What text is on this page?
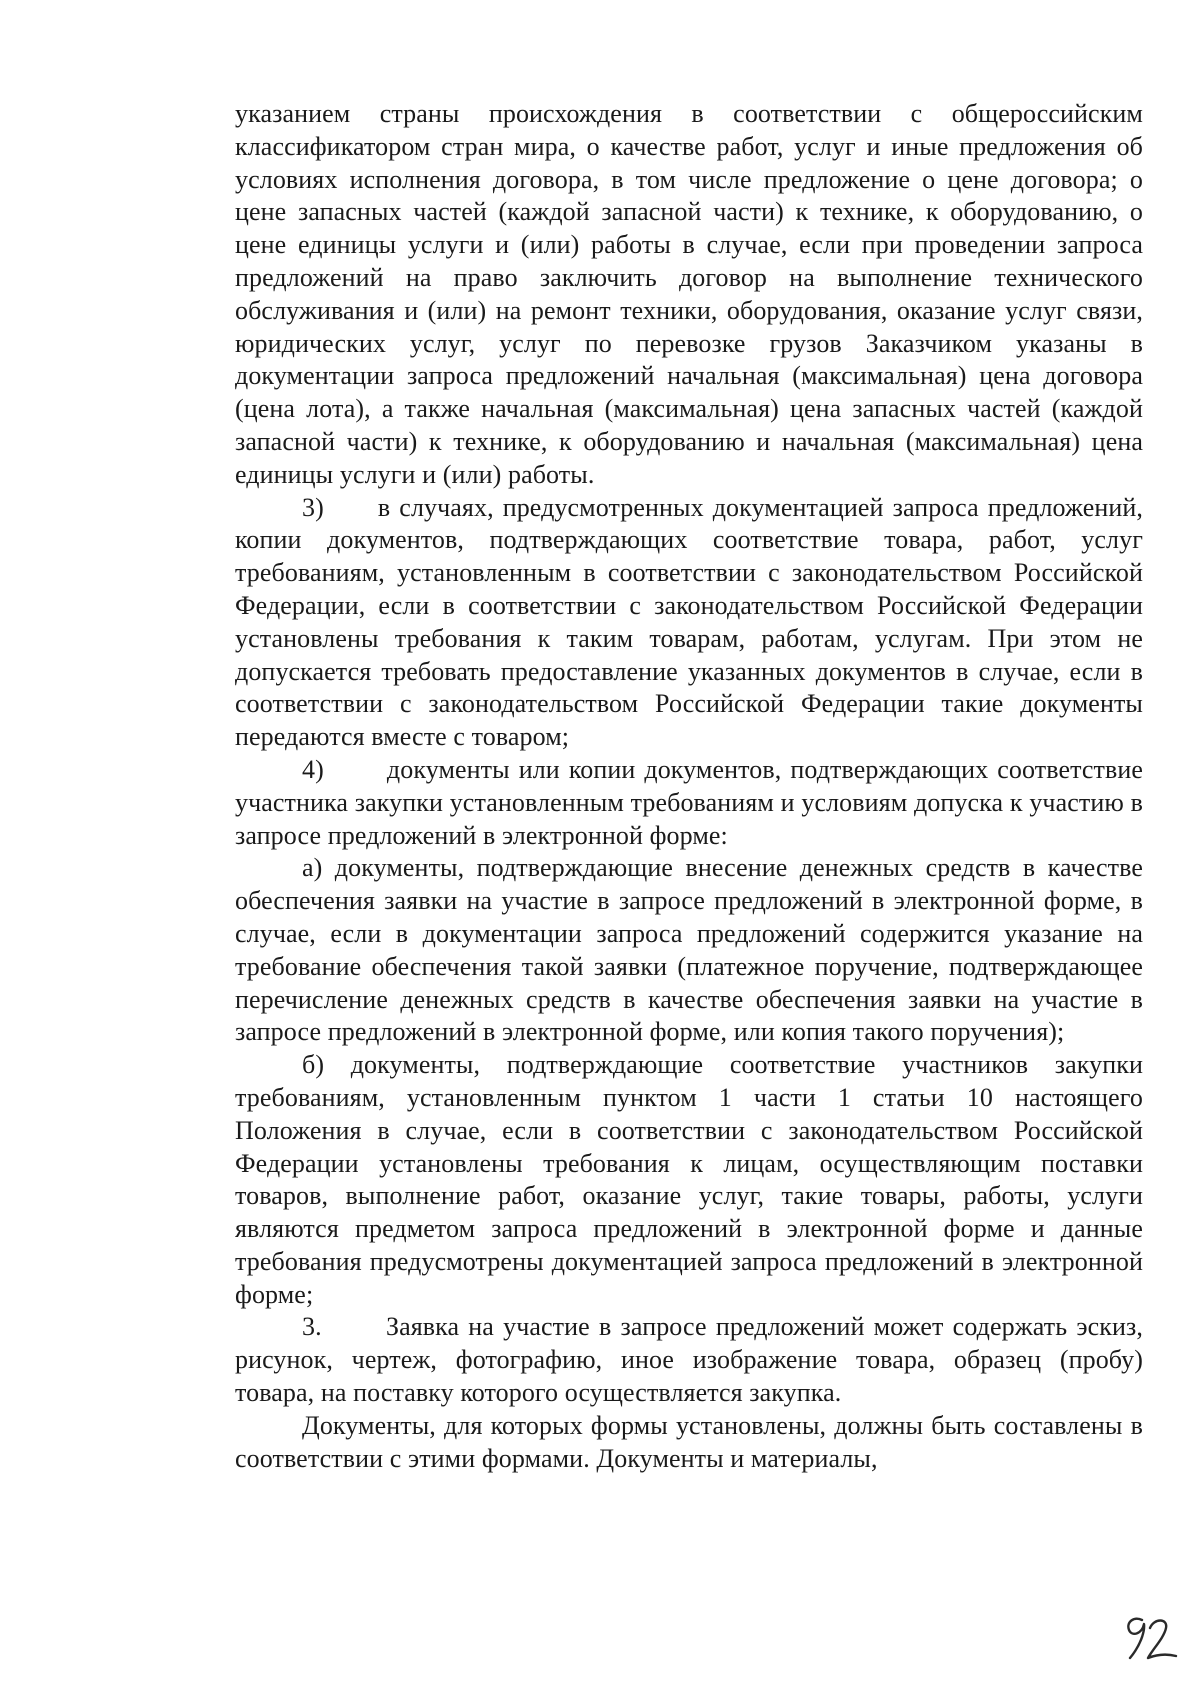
указанием страны происхождения в соответствии с общероссийским классификатором стран мира, о качестве работ, услуг и иные предложения об условиях исполнения договора, в том числе предложение о цене договора; о цене запасных частей (каждой запасной части) к технике, к оборудованию, о цене единицы услуги и (или) работы в случае, если при проведении запроса предложений на право заключить договор на выполнение технического обслуживания и (или) на ремонт техники, оборудования, оказание услуг связи, юридических услуг, услуг по перевозке грузов Заказчиком указаны в документации запроса предложений начальная (максимальная) цена договора (цена лота), а также начальная (максимальная) цена запасных частей (каждой запасной части) к технике, к оборудованию и начальная (максимальная) цена единицы услуги и (или) работы.

3)      в случаях, предусмотренных документацией запроса предложений, копии документов, подтверждающих соответствие товара, работ, услуг требованиям, установленным в соответствии с законодательством Российской Федерации, если в соответствии с законодательством Российской Федерации установлены требования к таким товарам, работам, услугам. При этом не допускается требовать предоставление указанных документов в случае, если в соответствии с законодательством Российской Федерации такие документы передаются вместе с товаром;

4)       документы или копии документов, подтверждающих соответствие участника закупки установленным требованиям и условиям допуска к участию в запросе предложений в электронной форме:

а) документы, подтверждающие внесение денежных средств в качестве обеспечения заявки на участие в запросе предложений в электронной форме, в случае, если в документации запроса предложений содержится указание на требование обеспечения такой заявки (платежное поручение, подтверждающее перечисление денежных средств в качестве обеспечения заявки на участие в запросе предложений в электронной форме, или копия такого поручения);

б) документы, подтверждающие соответствие участников закупки требованиям, установленным пунктом 1 части 1 статьи 10 настоящего Положения в случае, если в соответствии с законодательством Российской Федерации установлены требования к лицам, осуществляющим поставки товаров, выполнение работ, оказание услуг, такие товары, работы, услуги являются предметом запроса предложений в электронной форме и данные требования предусмотрены документацией запроса предложений в электронной форме;

3.       Заявка на участие в запросе предложений может содержать эскиз, рисунок, чертеж, фотографию, иное изображение товара, образец (пробу) товара, на поставку которого осуществляется закупка.

Документы, для которых формы установлены, должны быть составлены в соответствии с этими формами. Документы и материалы,
